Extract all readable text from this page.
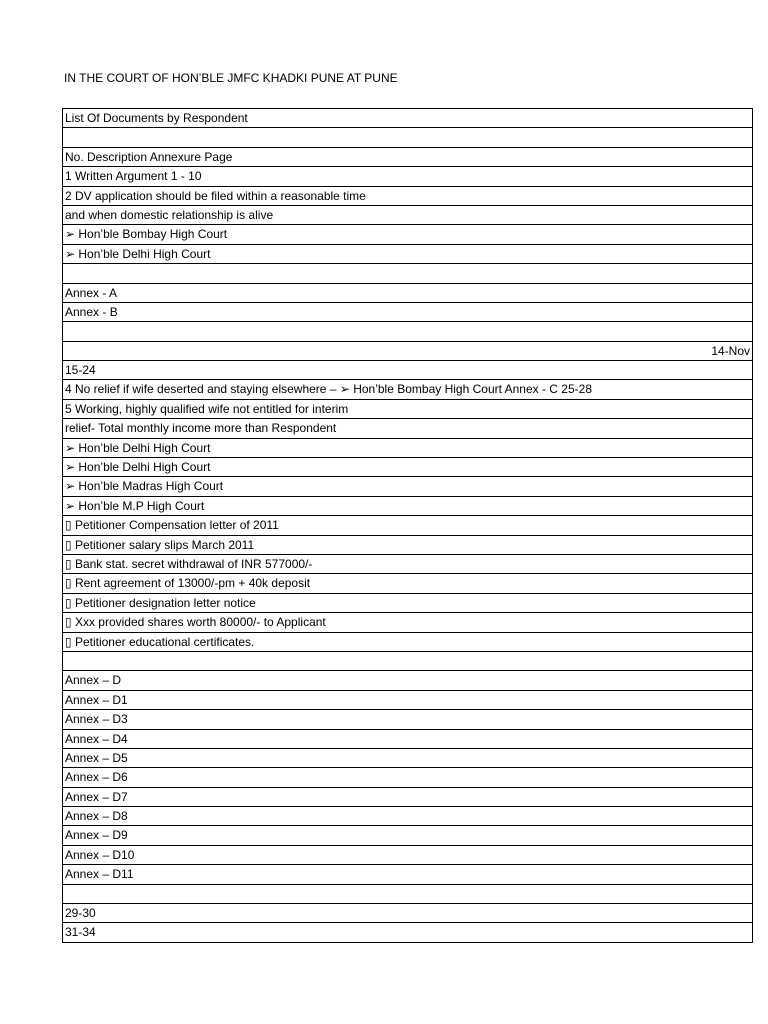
IN THE COURT OF HON’BLE JMFC KHADKI PUNE AT PUNE
List Of Documents by Respondent
No. Description Annexure Page
1 Written Argument 1 - 10
2 DV application should be filed within a reasonable time
and when domestic relationship is alive
➢ Hon’ble Bombay High Court
➢ Hon’ble Delhi High Court
Annex - A
Annex - B
14-Nov
15-24
4 No relief if wife deserted and staying elsewhere – ➢ Hon’ble Bombay High Court Annex - C 25-28
5 Working, highly qualified wife not entitled for interim
relief- Total monthly income more than Respondent
➢ Hon’ble Delhi High Court
➢ Hon’ble Delhi High Court
➢ Hon’ble Madras High Court
➢ Hon’ble M.P High Court
▯ Petitioner Compensation letter of 2011
▯ Petitioner salary slips March 2011
▯ Bank stat. secret withdrawal of INR 577000/-
▯ Rent agreement of 13000/-pm + 40k deposit
▯ Petitioner designation letter notice
▯ Xxx provided shares worth 80000/- to Applicant
▯ Petitioner educational certificates.
Annex – D
Annex – D1
Annex – D3
Annex – D4
Annex – D5
Annex – D6
Annex – D7
Annex – D8
Annex – D9
Annex – D10
Annex – D11
29-30
31-34
